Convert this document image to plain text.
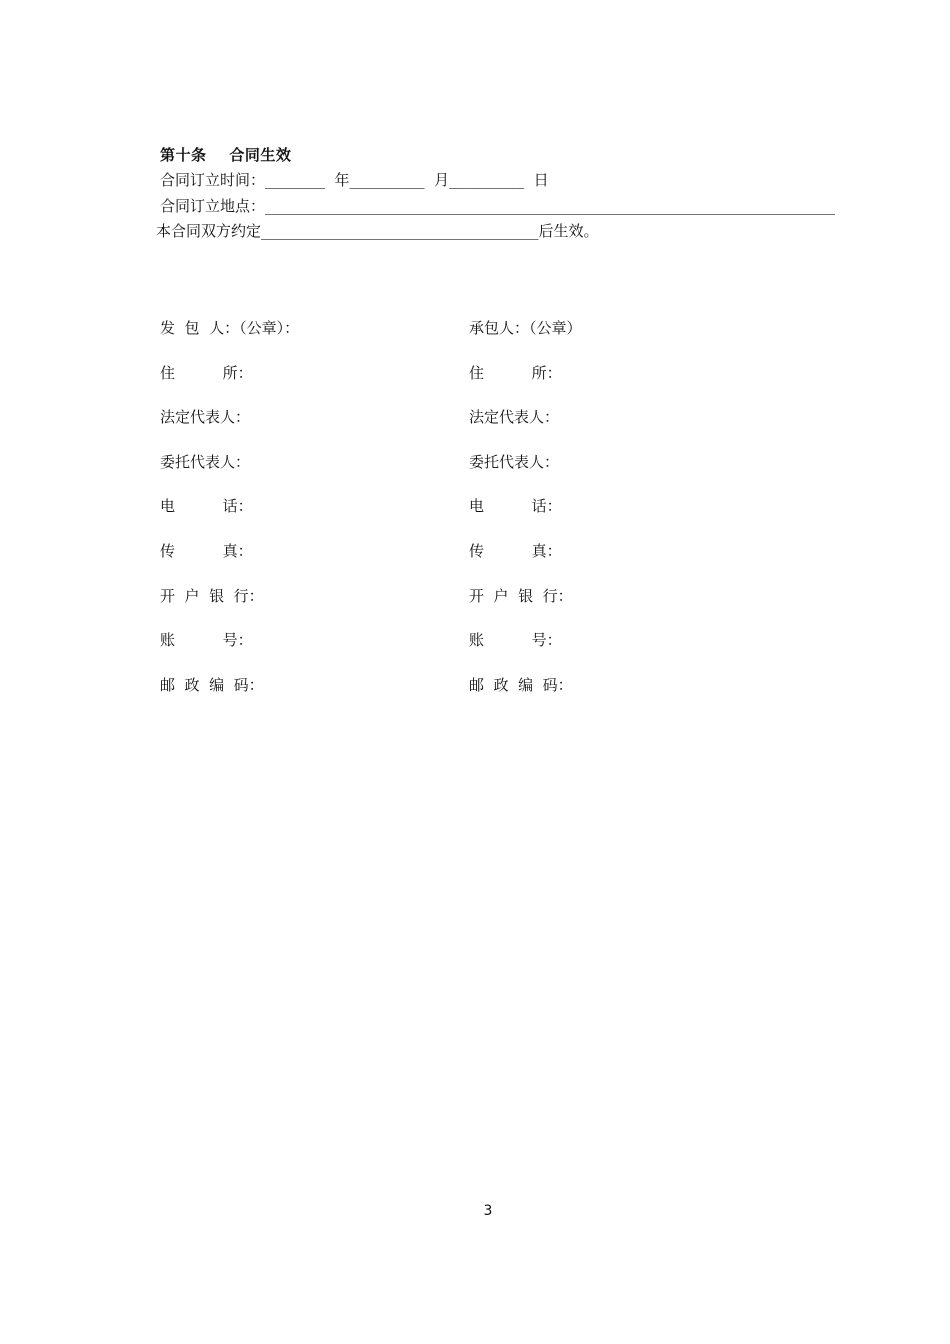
第十条    合同生效
合同订立时间：________  年__________  月__________  日
合同订立地点：____________________________________________________________________________
本合同双方约定_____________________________________后生效。
发  包  人：（公章）：
住          所：
法定代表人：
委托代表人：
电          话：
传          真：
开  户  银  行：
账          号：
邮  政  编  码：
承包人：（公章）
住          所：
法定代表人：
委托代表人：
电          话：
传          真：
开  户  银  行：
账          号：
邮  政  编  码：
3
